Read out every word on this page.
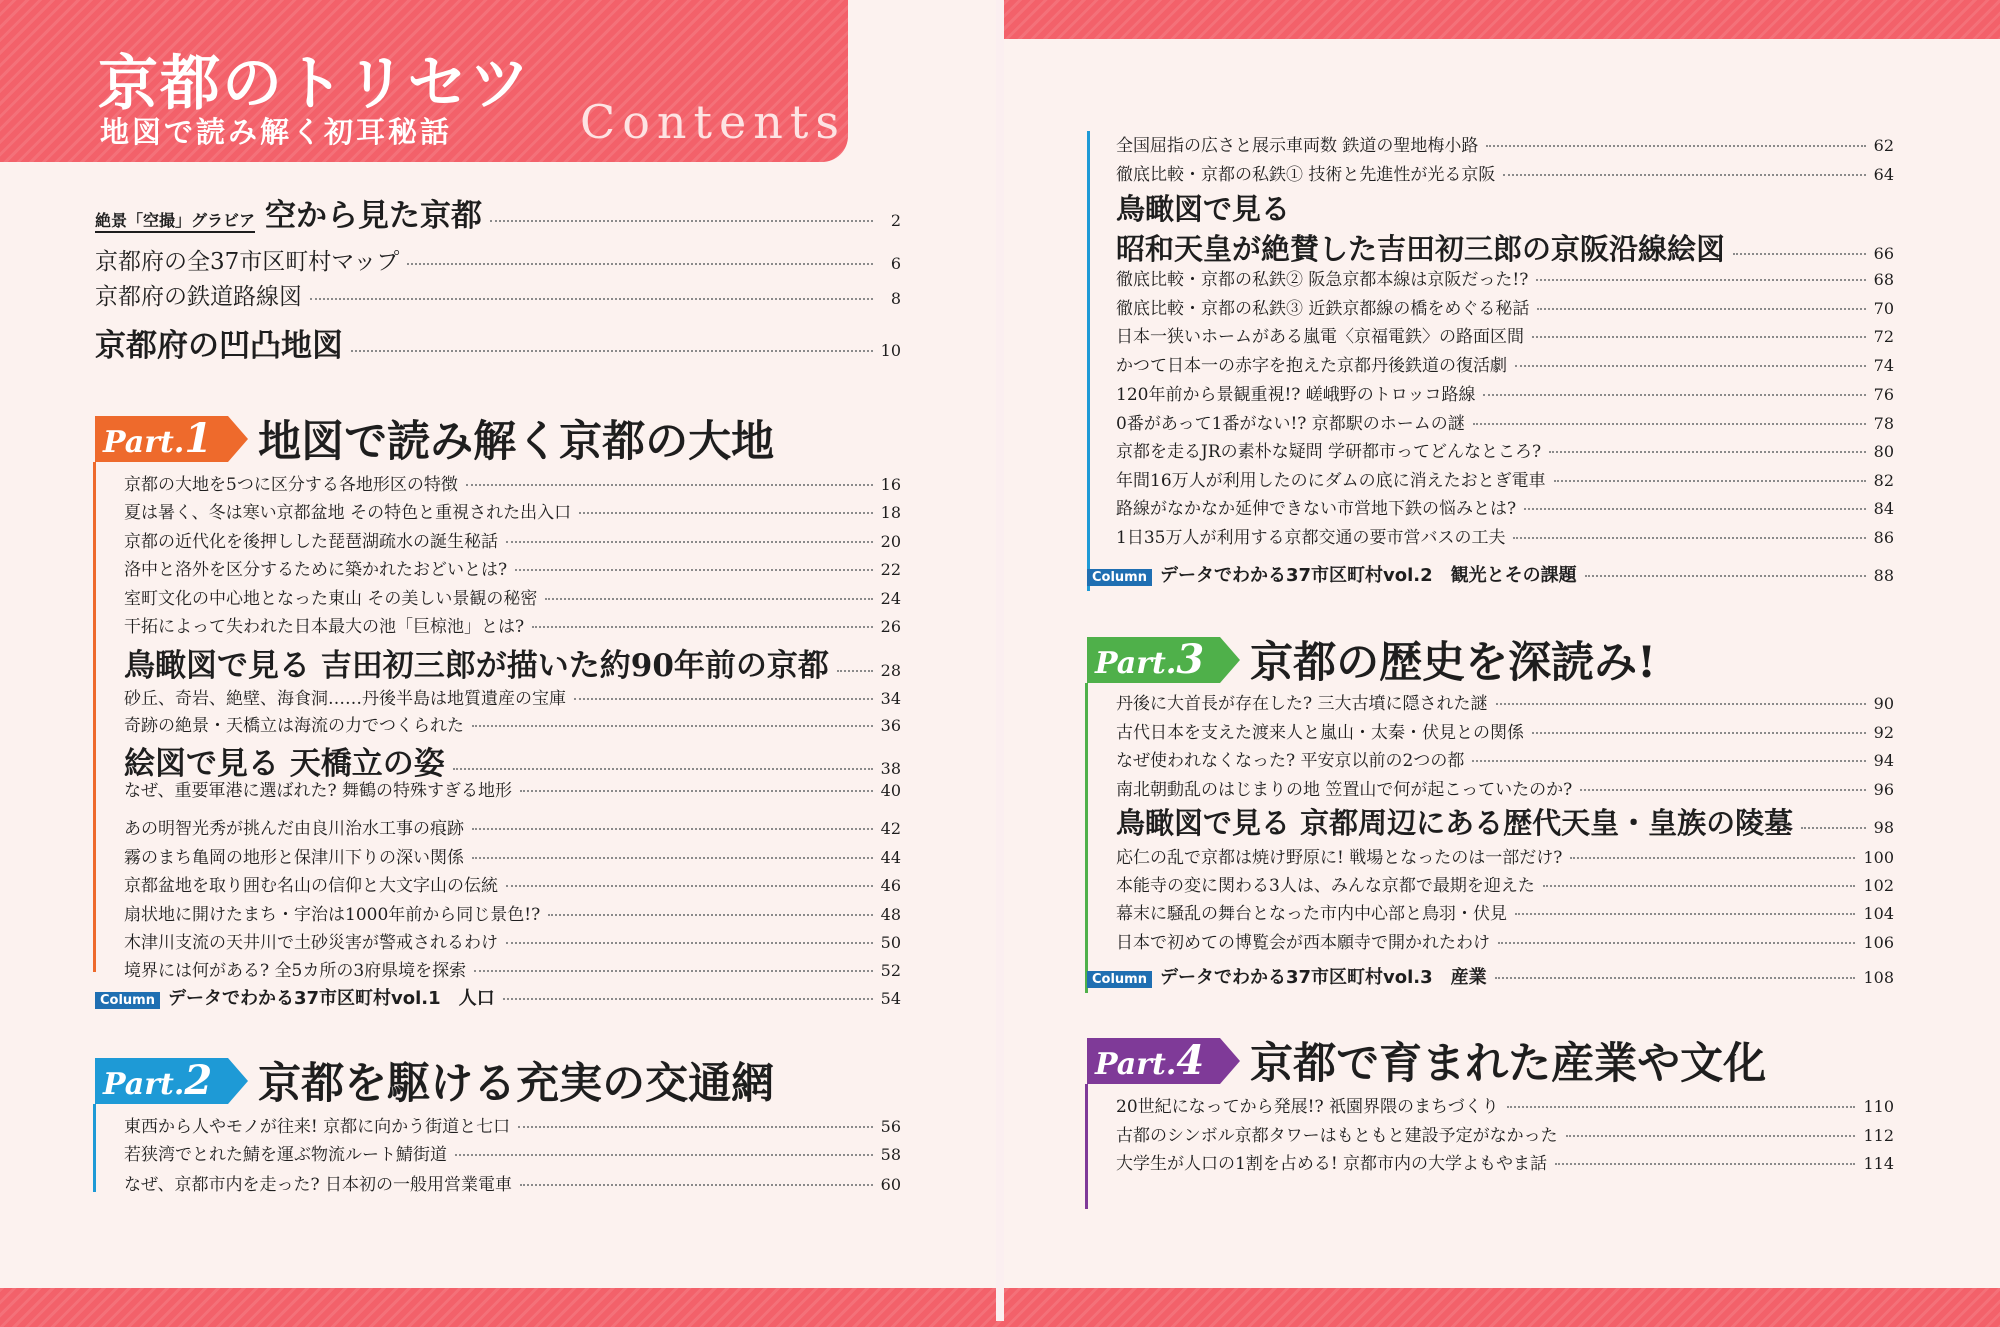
京都のトリセツ
地図で読み解く初耳秘話	Contents
絶景「空撮」グラビア 空から見た京都	2
京都府の全37市区町村マップ	6
京都府の鉄道路線図	8
京都府の凹凸地図	10
Part.1	地図で読み解く京都の大地
京都の大地を5つに区分する各地形区の特徴	16
夏は暑く、冬は寒い京都盆地 その特色と重視された出入口	18
京都の近代化を後押しした琵琶湖疏水の誕生秘話	20
洛中と洛外を区分するために築かれたおどいとは?	22
室町文化の中心地となった東山 その美しい景観の秘密	24
干拓によって失われた日本最大の池「巨椋池」とは?	26
鳥瞰図で見る 吉田初三郎が描いた約90年前の京都	28
砂丘、奇岩、絶壁、海食洞……丹後半島は地質遺産の宝庫	34
奇跡の絶景・天橋立は海流の力でつくられた	36
絵図で見る 天橋立の姿	38
なぜ、重要軍港に選ばれた? 舞鶴の特殊すぎる地形	40
あの明智光秀が挑んだ由良川治水工事の痕跡	42
霧のまち亀岡の地形と保津川下りの深い関係	44
京都盆地を取り囲む名山の信仰と大文字山の伝統	46
扇状地に開けたまち・宇治は1000年前から同じ景色!?	48
木津川支流の天井川で土砂災害が警戒されるわけ	50
境界には何がある? 全5カ所の3府県境を探索	52
Column データでわかる37市区町村vol.1　人口	54
Part.2	京都を駆ける充実の交通網
東西から人やモノが往来! 京都に向かう街道と七口	56
若狭湾でとれた鯖を運ぶ物流ルート鯖街道	58
なぜ、京都市内を走った? 日本初の一般用営業電車	60
全国屈指の広さと展示車両数 鉄道の聖地梅小路	62
徹底比較・京都の私鉄① 技術と先進性が光る京阪	64
鳥瞰図で見る
昭和天皇が絶賛した吉田初三郎の京阪沿線絵図	66
徹底比較・京都の私鉄② 阪急京都本線は京阪だった!?	68
徹底比較・京都の私鉄③ 近鉄京都線の橋をめぐる秘話	70
日本一狭いホームがある嵐電〈京福電鉄〉の路面区間	72
かつて日本一の赤字を抱えた京都丹後鉄道の復活劇	74
120年前から景観重視!? 嵯峨野のトロッコ路線	76
0番があって1番がない!? 京都駅のホームの謎	78
京都を走るJRの素朴な疑問 学研都市ってどんなところ?	80
年間16万人が利用したのにダムの底に消えたおとぎ電車	82
路線がなかなか延伸できない市営地下鉄の悩みとは?	84
1日35万人が利用する京都交通の要市営バスの工夫	86
Column データでわかる37市区町村vol.2　観光とその課題	88
Part.3	京都の歴史を深読み!
丹後に大首長が存在した? 三大古墳に隠された謎	90
古代日本を支えた渡来人と嵐山・太秦・伏見との関係	92
なぜ使われなくなった? 平安京以前の2つの都	94
南北朝動乱のはじまりの地 笠置山で何が起こっていたのか?	96
鳥瞰図で見る 京都周辺にある歴代天皇・皇族の陵墓	98
応仁の乱で京都は焼け野原に! 戦場となったのは一部だけ?	100
本能寺の変に関わる3人は、みんな京都で最期を迎えた	102
幕末に騒乱の舞台となった市内中心部と鳥羽・伏見	104
日本で初めての博覧会が西本願寺で開かれたわけ	106
Column データでわかる37市区町村vol.3　産業	108
Part.4	京都で育まれた産業や文化
20世紀になってから発展!? 祇園界隈のまちづくり	110
古都のシンボル京都タワーはもともと建設予定がなかった	112
大学生が人口の1割を占める! 京都市内の大学よもやま話	114
